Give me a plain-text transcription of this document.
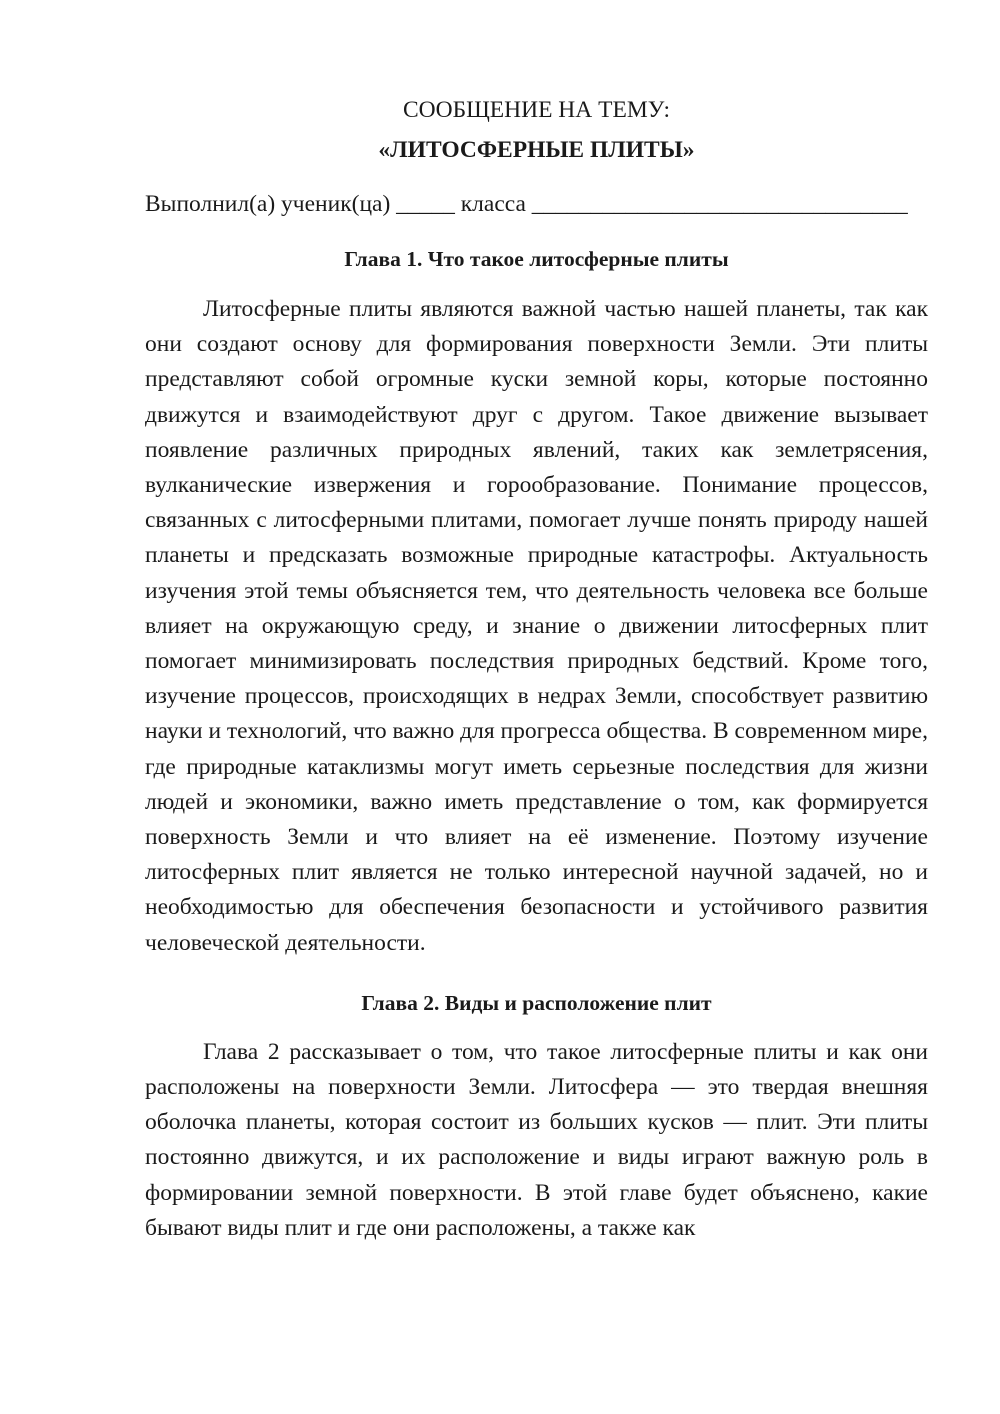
СООБЩЕНИЕ НА ТЕМУ:
«ЛИТОСФЕРНЫЕ ПЛИТЫ»

Выполнил(а) ученик(ца) _____ класса ________________________________

Глава 1. Что такое литосферные плиты

Литосферные плиты являются важной частью нашей планеты, так как они создают основу для формирования поверхности Земли. Эти плиты представляют собой огромные куски земной коры, которые постоянно движутся и взаимодействуют друг с другом. Такое движение вызывает появление различных природных явлений, таких как землетрясения, вулканические извержения и горообразование. Понимание процессов, связанных с литосферными плитами, помогает лучше понять природу нашей планеты и предсказать возможные природные катастрофы. Актуальность изучения этой темы объясняется тем, что деятельность человека все больше влияет на окружающую среду, и знание о движении литосферных плит помогает минимизировать последствия природных бедствий. Кроме того, изучение процессов, происходящих в недрах Земли, способствует развитию науки и технологий, что важно для прогресса общества. В современном мире, где природные катаклизмы могут иметь серьезные последствия для жизни людей и экономики, важно иметь представление о том, как формируется поверхность Земли и что влияет на её изменение. Поэтому изучение литосферных плит является не только интересной научной задачей, но и необходимостью для обеспечения безопасности и устойчивого развития человеческой деятельности.

Глава 2. Виды и расположение плит

Глава 2 рассказывает о том, что такое литосферные плиты и как они расположены на поверхности Земли. Литосфера — это твердая внешняя оболочка планеты, которая состоит из больших кусков — плит. Эти плиты постоянно движутся, и их расположение и виды играют важную роль в формировании земной поверхности. В этой главе будет объяснено, какие бывают виды плит и где они расположены, а также как
